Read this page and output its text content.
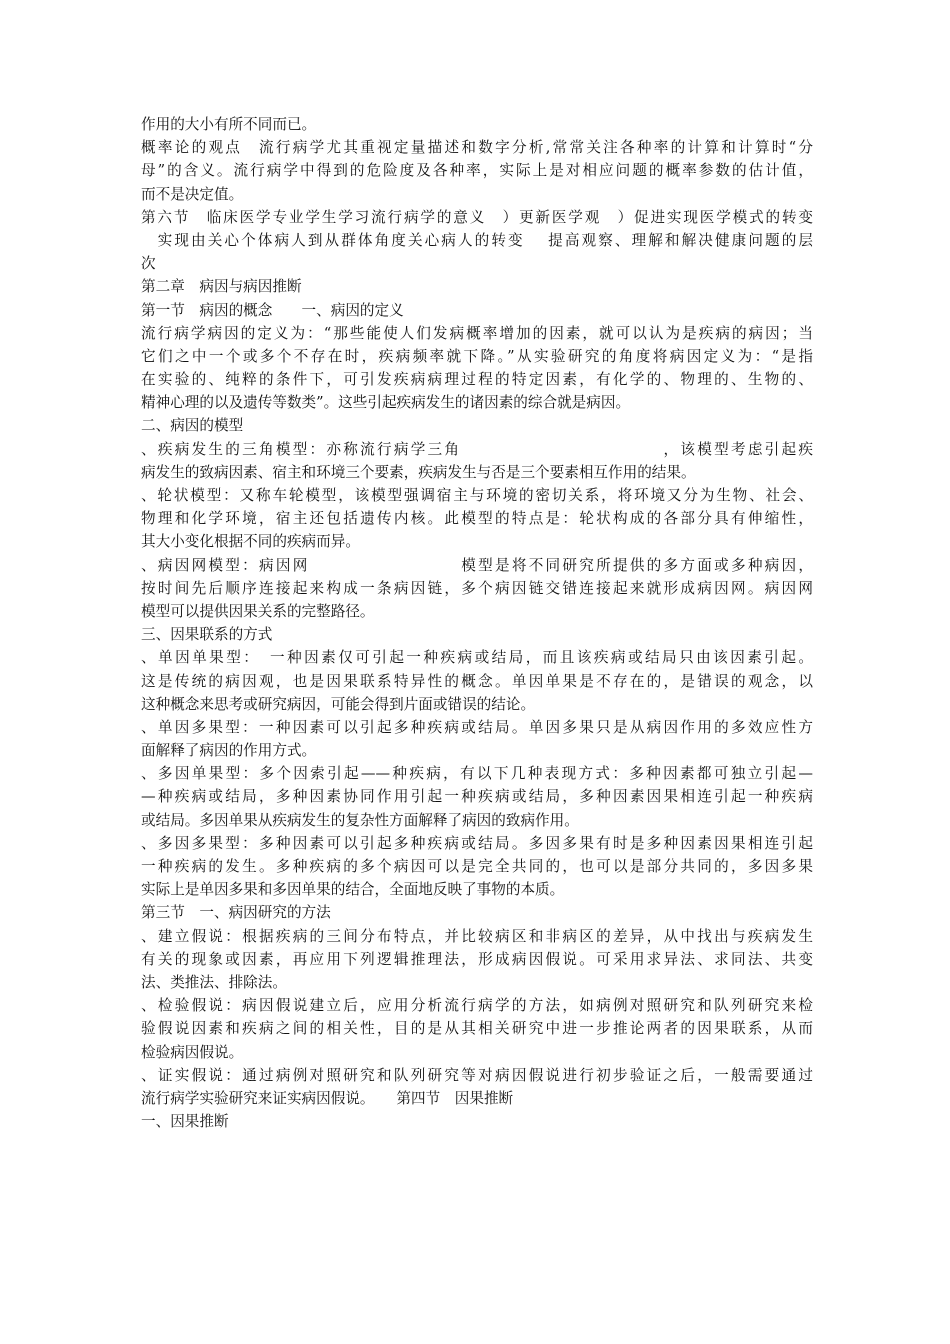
作用的大小有所不同而已。
概率论的观点　流行病学尤其重视定量描述和数字分析,常常关注各种率的计算和计算时“分
母”的含义。流行病学中得到的危险度及各种率，实际上是对相应问题的概率参数的估计值，
而不是决定值。
第六节　临床医学专业学生学习流行病学的意义　）更新医学观　）促进实现医学模式的转变
　实现由关心个体病人到从群体角度关心病人的转变　 提高观察、理解和解决健康问题的层
次
第二章　病因与病因推断
第一节　病因的概念　　一、病因的定义
流行病学病因的定义为：“那些能使人们发病概率增加的因素，就可以认为是疾病的病因；当
它们之中一个或多个不存在时，疾病频率就下降。”从实验研究的角度将病因定义为：“是指
在实验的、纯粹的条件下，可引发疾病病理过程的特定因素，有化学的、物理的、生物的、
精神心理的以及遗传等数类”。这些引起疾病发生的诸因素的综合就是病因。
二、病因的模型
、疾病发生的三角模型：亦称流行病学三角　　　　　　　　　　　　，该模型考虑引起疾
病发生的致病因素、宿主和环境三个要素，疾病发生与否是三个要素相互作用的结果。
、轮状模型：又称车轮模型，该模型强调宿主与环境的密切关系，将环境又分为生物、社会、
物理和化学环境，宿主还包括遗传内核。此模型的特点是：轮状构成的各部分具有伸缩性，
其大小变化根据不同的疾病而异。
、病因网模型：病因网　　　　　　　　　模型是将不同研究所提供的多方面或多种病因，
按时间先后顺序连接起来构成一条病因链，多个病因链交错连接起来就形成病因网。病因网
模型可以提供因果关系的完整路径。
三、因果联系的方式
、单因单果型：　一种因素仅可引起一种疾病或结局，而且该疾病或结局只由该因素引起。
这是传统的病因观，也是因果联系特异性的概念。单因单果是不存在的，是错误的观念，以
这种概念来思考或研究病因，可能会得到片面或错误的结论。
、单因多果型：一种因素可以引起多种疾病或结局。单因多果只是从病因作用的多效应性方
面解释了病因的作用方式。
、多因单果型：多个因索引起——种疾病，有以下几种表现方式：多种因素都可独立引起—
—种疾病或结局，多种因素协同作用引起一种疾病或结局，多种因素因果相连引起一种疾病
或结局。多因单果从疾病发生的复杂性方面解释了病因的致病作用。
、多因多果型：多种因素可以引起多种疾病或结局。多因多果有时是多种因素因果相连引起
一种疾病的发生。多种疾病的多个病因可以是完全共同的，也可以是部分共同的，多因多果
实际上是单因多果和多因单果的结合，全面地反映了事物的本质。
第三节　一、病因研究的方法
、建立假说：根据疾病的三间分布特点，并比较病区和非病区的差异，从中找出与疾病发生
有关的现象或因素，再应用下列逻辑推理法，形成病因假说。可采用求异法、求同法、共变
法、类推法、排除法。
、检验假说：病因假说建立后，应用分析流行病学的方法，如病例对照研究和队列研究来检
验假说因素和疾病之间的相关性，目的是从其相关研究中进一步推论两者的因果联系，从而
检验病因假说。
、证实假说：通过病例对照研究和队列研究等对病因假说进行初步验证之后，一般需要通过
流行病学实验研究来证实病因假说。　　第四节　因果推断
一、因果推断
